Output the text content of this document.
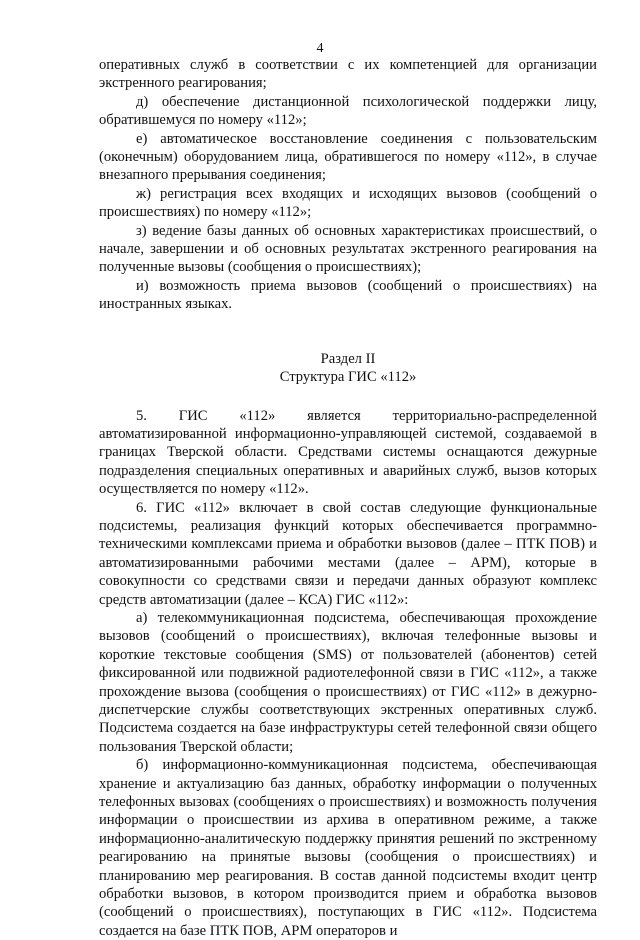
4

оперативных служб в соответствии с их компетенцией для организации экстренного реагирования;

д) обеспечение дистанционной психологической поддержки лицу, обратившемуся по номеру «112»;

е) автоматическое восстановление соединения с пользовательским (оконечным) оборудованием лица, обратившегося по номеру «112», в случае внезапного прерывания соединения;

ж) регистрация всех входящих и исходящих вызовов (сообщений о происшествиях) по номеру «112»;

з) ведение базы данных об основных характеристиках происшествий, о начале, завершении и об основных результатах экстренного реагирования на полученные вызовы (сообщения о происшествиях);

и) возможность приема вызовов (сообщений о происшествиях) на иностранных языках.

Раздел II

Структура ГИС «112»

5. ГИС «112» является территориально-распределенной автоматизированной информационно-управляющей системой, создаваемой в границах Тверской области. Средствами системы оснащаются дежурные подразделения специальных оперативных и аварийных служб, вызов которых осуществляется по номеру «112».

6. ГИС «112» включает в свой состав следующие функциональные подсистемы, реализация функций которых обеспечивается программно-техническими комплексами приема и обработки вызовов (далее – ПТК ПОВ) и автоматизированными рабочими местами (далее – АРМ), которые в совокупности со средствами связи и передачи данных образуют комплекс средств автоматизации (далее – КСА) ГИС «112»:

а) телекоммуникационная подсистема, обеспечивающая прохождение вызовов (сообщений о происшествиях), включая телефонные вызовы и короткие текстовые сообщения (SMS) от пользователей (абонентов) сетей фиксированной или подвижной радиотелефонной связи в ГИС «112», а также прохождение вызова (сообщения о происшествиях) от ГИС «112» в дежурно-диспетчерские службы соответствующих экстренных оперативных служб. Подсистема создается на базе инфраструктуры сетей телефонной связи общего пользования Тверской области;

б) информационно-коммуникационная подсистема, обеспечивающая хранение и актуализацию баз данных, обработку информации о полученных телефонных вызовах (сообщениях о происшествиях) и возможность получения информации о происшествии из архива в оперативном режиме, а также информационно-аналитическую поддержку принятия решений по экстренному реагированию на принятые вызовы (сообщения о происшествиях) и планированию мер реагирования. В состав данной подсистемы входит центр обработки вызовов, в котором производится прием и обработка вызовов (сообщений о происшествиях), поступающих в ГИС «112». Подсистема создается на базе ПТК ПОВ, АРМ операторов и
